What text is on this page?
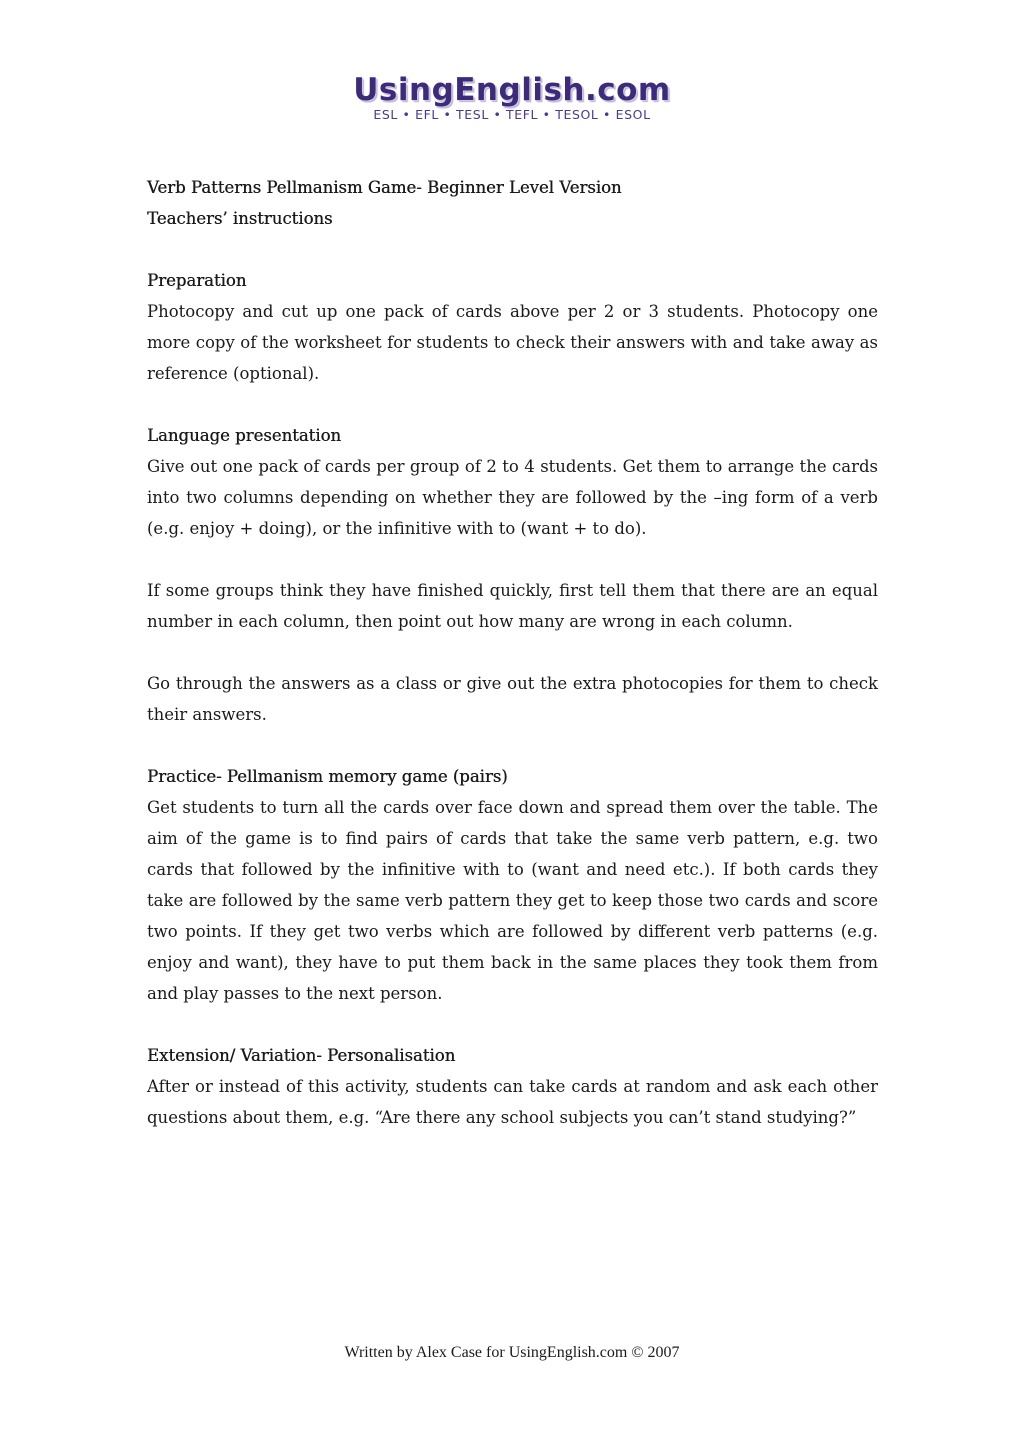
UsingEnglish.com
ESL • EFL • TESL • TEFL • TESOL • ESOL

Verb Patterns Pellmanism Game- Beginner Level Version

Teachers’ instructions

Preparation

Photocopy and cut up one pack of cards above per 2 or 3 students. Photocopy one more copy of the worksheet for students to check their answers with and take away as reference (optional).

Language presentation

Give out one pack of cards per group of 2 to 4 students. Get them to arrange the cards into two columns depending on whether they are followed by the –ing form of a verb (e.g. enjoy + doing), or the infinitive with to (want + to do).

If some groups think they have finished quickly, first tell them that there are an equal number in each column, then point out how many are wrong in each column.

Go through the answers as a class or give out the extra photocopies for them to check their answers.

Practice- Pellmanism memory game (pairs)

Get students to turn all the cards over face down and spread them over the table. The aim of the game is to find pairs of cards that take the same verb pattern, e.g. two cards that followed by the infinitive with to (want and need etc.). If both cards they take are followed by the same verb pattern they get to keep those two cards and score two points. If they get two verbs which are followed by different verb patterns (e.g. enjoy and want), they have to put them back in the same places they took them from and play passes to the next person.

Extension/ Variation- Personalisation

After or instead of this activity, students can take cards at random and ask each other questions about them, e.g. “Are there any school subjects you can’t stand studying?”

Written by Alex Case for UsingEnglish.com © 2007
